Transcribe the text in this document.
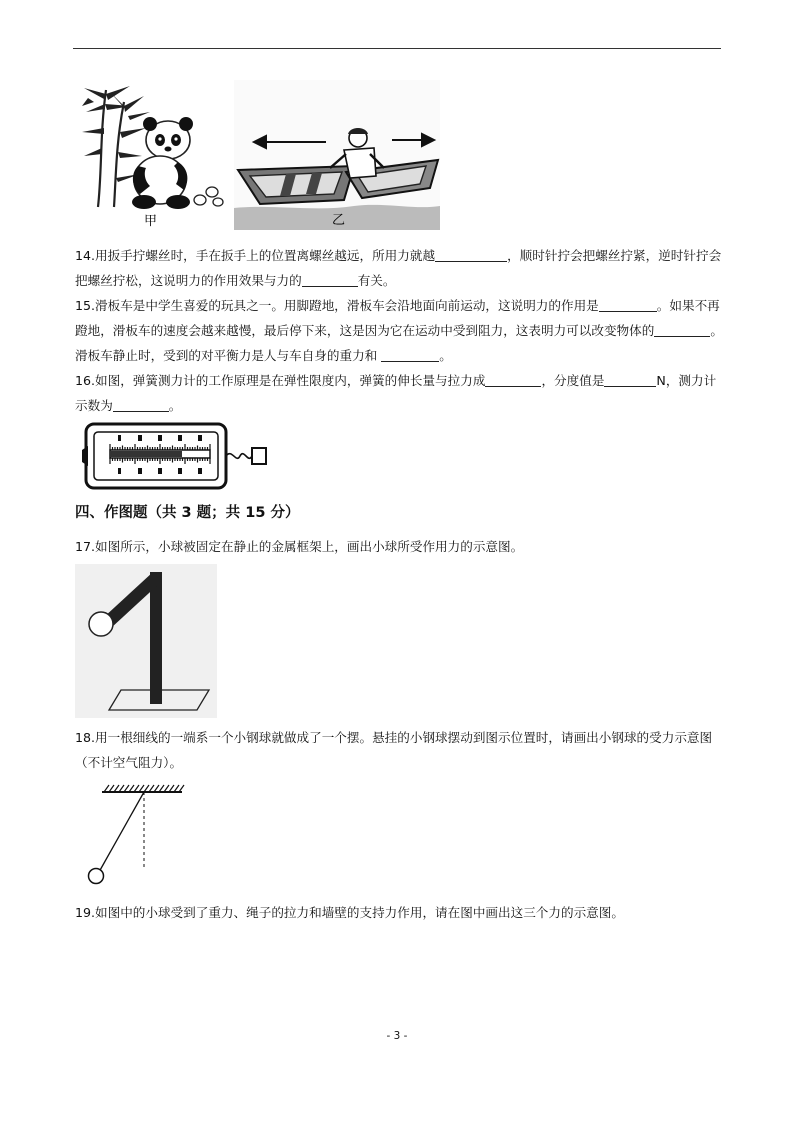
甲	乙

14.用扳手拧螺丝时，手在扳手上的位置离螺丝越远，所用力就越	，顺时针拧会把螺丝拧紧，逆时针拧会把螺丝拧松，这说明力的作用效果与力的	有关。

15.滑板车是中学生喜爱的玩具之一。用脚蹬地，滑板车会沿地面向前运动，这说明力的作用是	。如果不再蹬地，滑板车的速度会越来越慢，最后停下来，这是因为它在运动中受到阻力，这表明力可以改变物体的	。滑板车静止时，受到的对平衡力是人与车自身的重力和	。

16.如图，弹簧测力计的工作原理是在弹性限度内，弹簧的伸长量与拉力成	，分度值是	N，测力计示数为	。

四、作图题（共 3 题；共 15 分）

17.如图所示，小球被固定在静止的金属框架上，画出小球所受作用力的示意图。

18.用一根细线的一端系一个小钢球就做成了一个摆。悬挂的小钢球摆动到图示位置时，请画出小钢球的受力示意图（不计空气阻力）。

19.如图中的小球受到了重力、绳子的拉力和墙壁的支持力作用，请在图中画出这三个力的示意图。

- 3 -
